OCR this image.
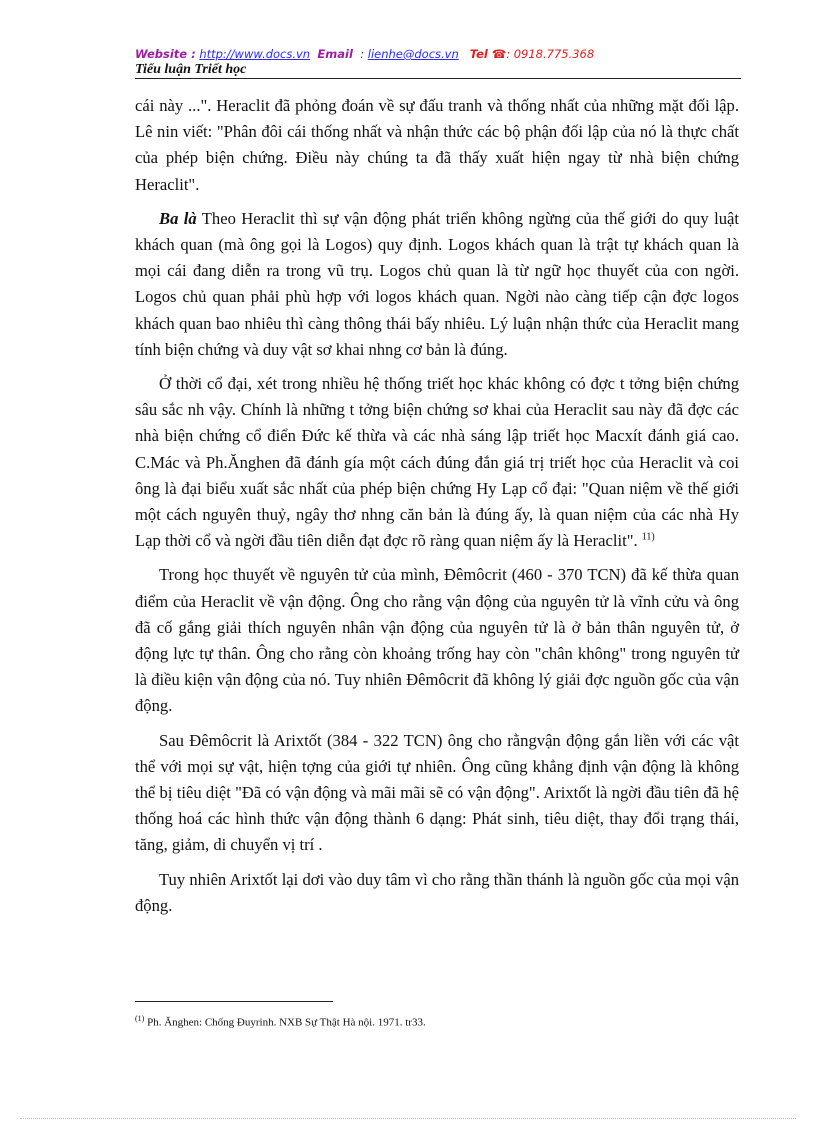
Website : http://www.docs.vn Email : lienhe@docs.vn Tel ☎: 0918.775.368
Tiểu luận Triết học

cái này ...". Heraclit đã phỏng đoán về sự đấu tranh và thống nhất của những mặt đối lập. Lê nin viết: "Phân đôi cái thống nhất và nhận thức các bộ phận đối lập của nó là thực chất của phép biện chứng. Điều này chúng ta đã thấy xuất hiện ngay từ nhà biện chứng Heraclit".

Ba là Theo Heraclit thì sự vận động phát triển không ngừng của thế giới do quy luật khách quan (mà ông gọi là Logos) quy định. Logos khách quan là trật tự khách quan là mọi cái đang diễn ra trong vũ trụ. Logos chủ quan là từ ngữ học thuyết của con ngời. Logos chủ quan phải phù hợp với logos khách quan. Ngời nào càng tiếp cận đợc logos khách quan bao nhiêu thì càng thông thái bấy nhiêu. Lý luận nhận thức của Heraclit mang tính biện chứng và duy vật sơ khai nhng cơ bản là đúng.

Ở thời cổ đại, xét trong nhiều hệ thống triết học khác không có đợc t tởng biện chứng sâu sắc nh vậy. Chính là những t tởng biện chứng sơ khai của Heraclit sau này đã đợc các nhà biện chứng cổ điển Đức kế thừa và các nhà sáng lập triết học Macxít đánh giá cao. C.Mác và Ph.Ănghen đã đánh gía một cách đúng đắn giá trị triết học của Heraclit và coi ông là đại biểu xuất sắc nhất của phép biện chứng Hy Lạp cổ đại: "Quan niệm về thế giới một cách nguyên thuỷ, ngây thơ nhng căn bản là đúng ấy, là quan niệm của các nhà Hy Lạp thời cổ và ngời đầu tiên diễn đạt đợc rõ ràng quan niệm ấy là Heraclit". $^{11)}$

Trong học thuyết về nguyên tử của mình, Đêmôcrit (460 - 370 TCN) đã kế thừa quan điểm của Heraclit về vận động. Ông cho rằng vận động của nguyên tử là vĩnh cửu và ông đã cố gắng giải thích nguyên nhân vận động của nguyên tử là ở bản thân nguyên tử, ở động lực tự thân. Ông cho rằng còn khoảng trống hay còn "chân không" trong nguyên tử là điều kiện vận động của nó. Tuy nhiên Đêmôcrit đã không lý giải đợc nguồn gốc của vận động.

Sau Đêmôcrit là Arixtốt (384 - 322 TCN) ông cho rằngvận động gắn liền với các vật thể với mọi sự vật, hiện tợng của giới tự nhiên. Ông cũng khẳng định vận động là không thể bị tiêu diệt "Đã có vận động và mãi mãi sẽ có vận động". Arixtốt là ngời đầu tiên đã hệ thống hoá các hình thức vận động thành 6 dạng: Phát sinh, tiêu diệt, thay đổi trạng thái, tăng, giảm, di chuyển vị trí .

Tuy nhiên Arixtốt lại dơi vào duy tâm vì cho rằng thần thánh là nguồn gốc của mọi vận động.

$^{(1)}$ Ph. Ănghen: Chống Đuyrinh. NXB Sự Thật Hà nội. 1971. tr33.
